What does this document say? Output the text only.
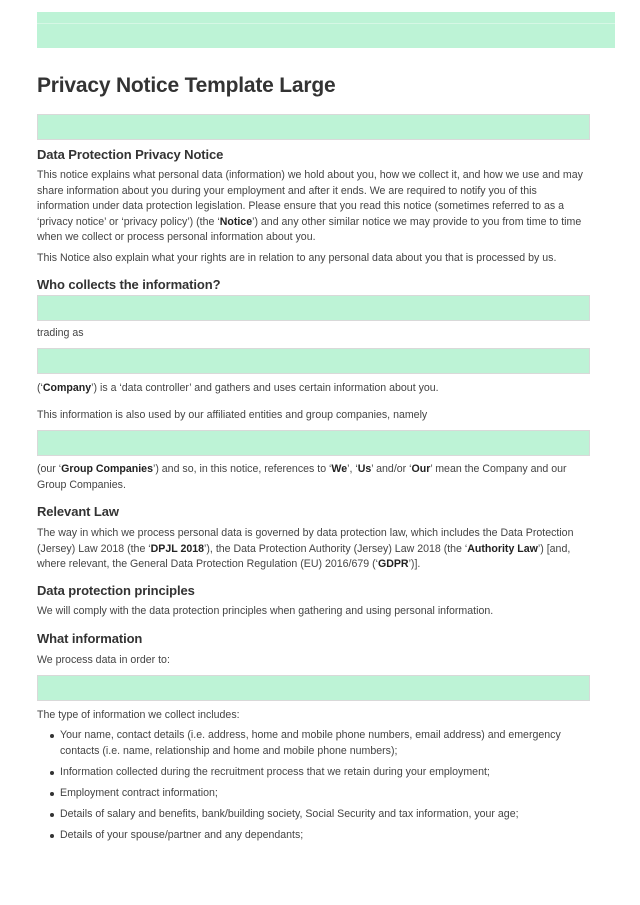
Privacy Notice Template Large
Data Protection Privacy Notice

This notice explains what personal data (information) we hold about you, how we collect it, and how we use and may share information about you during your employment and after it ends. We are required to notify you of this information under data protection legislation. Please ensure that you read this notice (sometimes referred to as a ‘privacy notice’ or ‘privacy policy’) (the ‘Notice’) and any other similar notice we may provide to you from time to time when we collect or process personal information about you.

This Notice also explain what your rights are in relation to any personal data about you that is processed by us.

Who collects the information?

trading as

(‘Company’) is a ‘data controller’ and gathers and uses certain information about you.

This information is also used by our affiliated entities and group companies, namely

(our ‘Group Companies’) and so, in this notice, references to ‘We’, ‘Us’ and/or ‘Our’ mean the Company and our Group Companies.

Relevant Law

The way in which we process personal data is governed by data protection law, which includes the Data Protection (Jersey) Law 2018 (the ‘DPJL 2018’), the Data Protection Authority (Jersey) Law 2018 (the ‘Authority Law’) [and, where relevant, the General Data Protection Regulation (EU) 2016/679 (‘GDPR’)].

Data protection principles

We will comply with the data protection principles when gathering and using personal information.

What information

We process data in order to:

The type of information we collect includes:

Your name, contact details (i.e. address, home and mobile phone numbers, email address) and emergency contacts (i.e. name, relationship and home and mobile phone numbers);
Information collected during the recruitment process that we retain during your employment;
Employment contract information;
Details of salary and benefits, bank/building society, Social Security and tax information, your age;
Details of your spouse/partner and any dependants;
